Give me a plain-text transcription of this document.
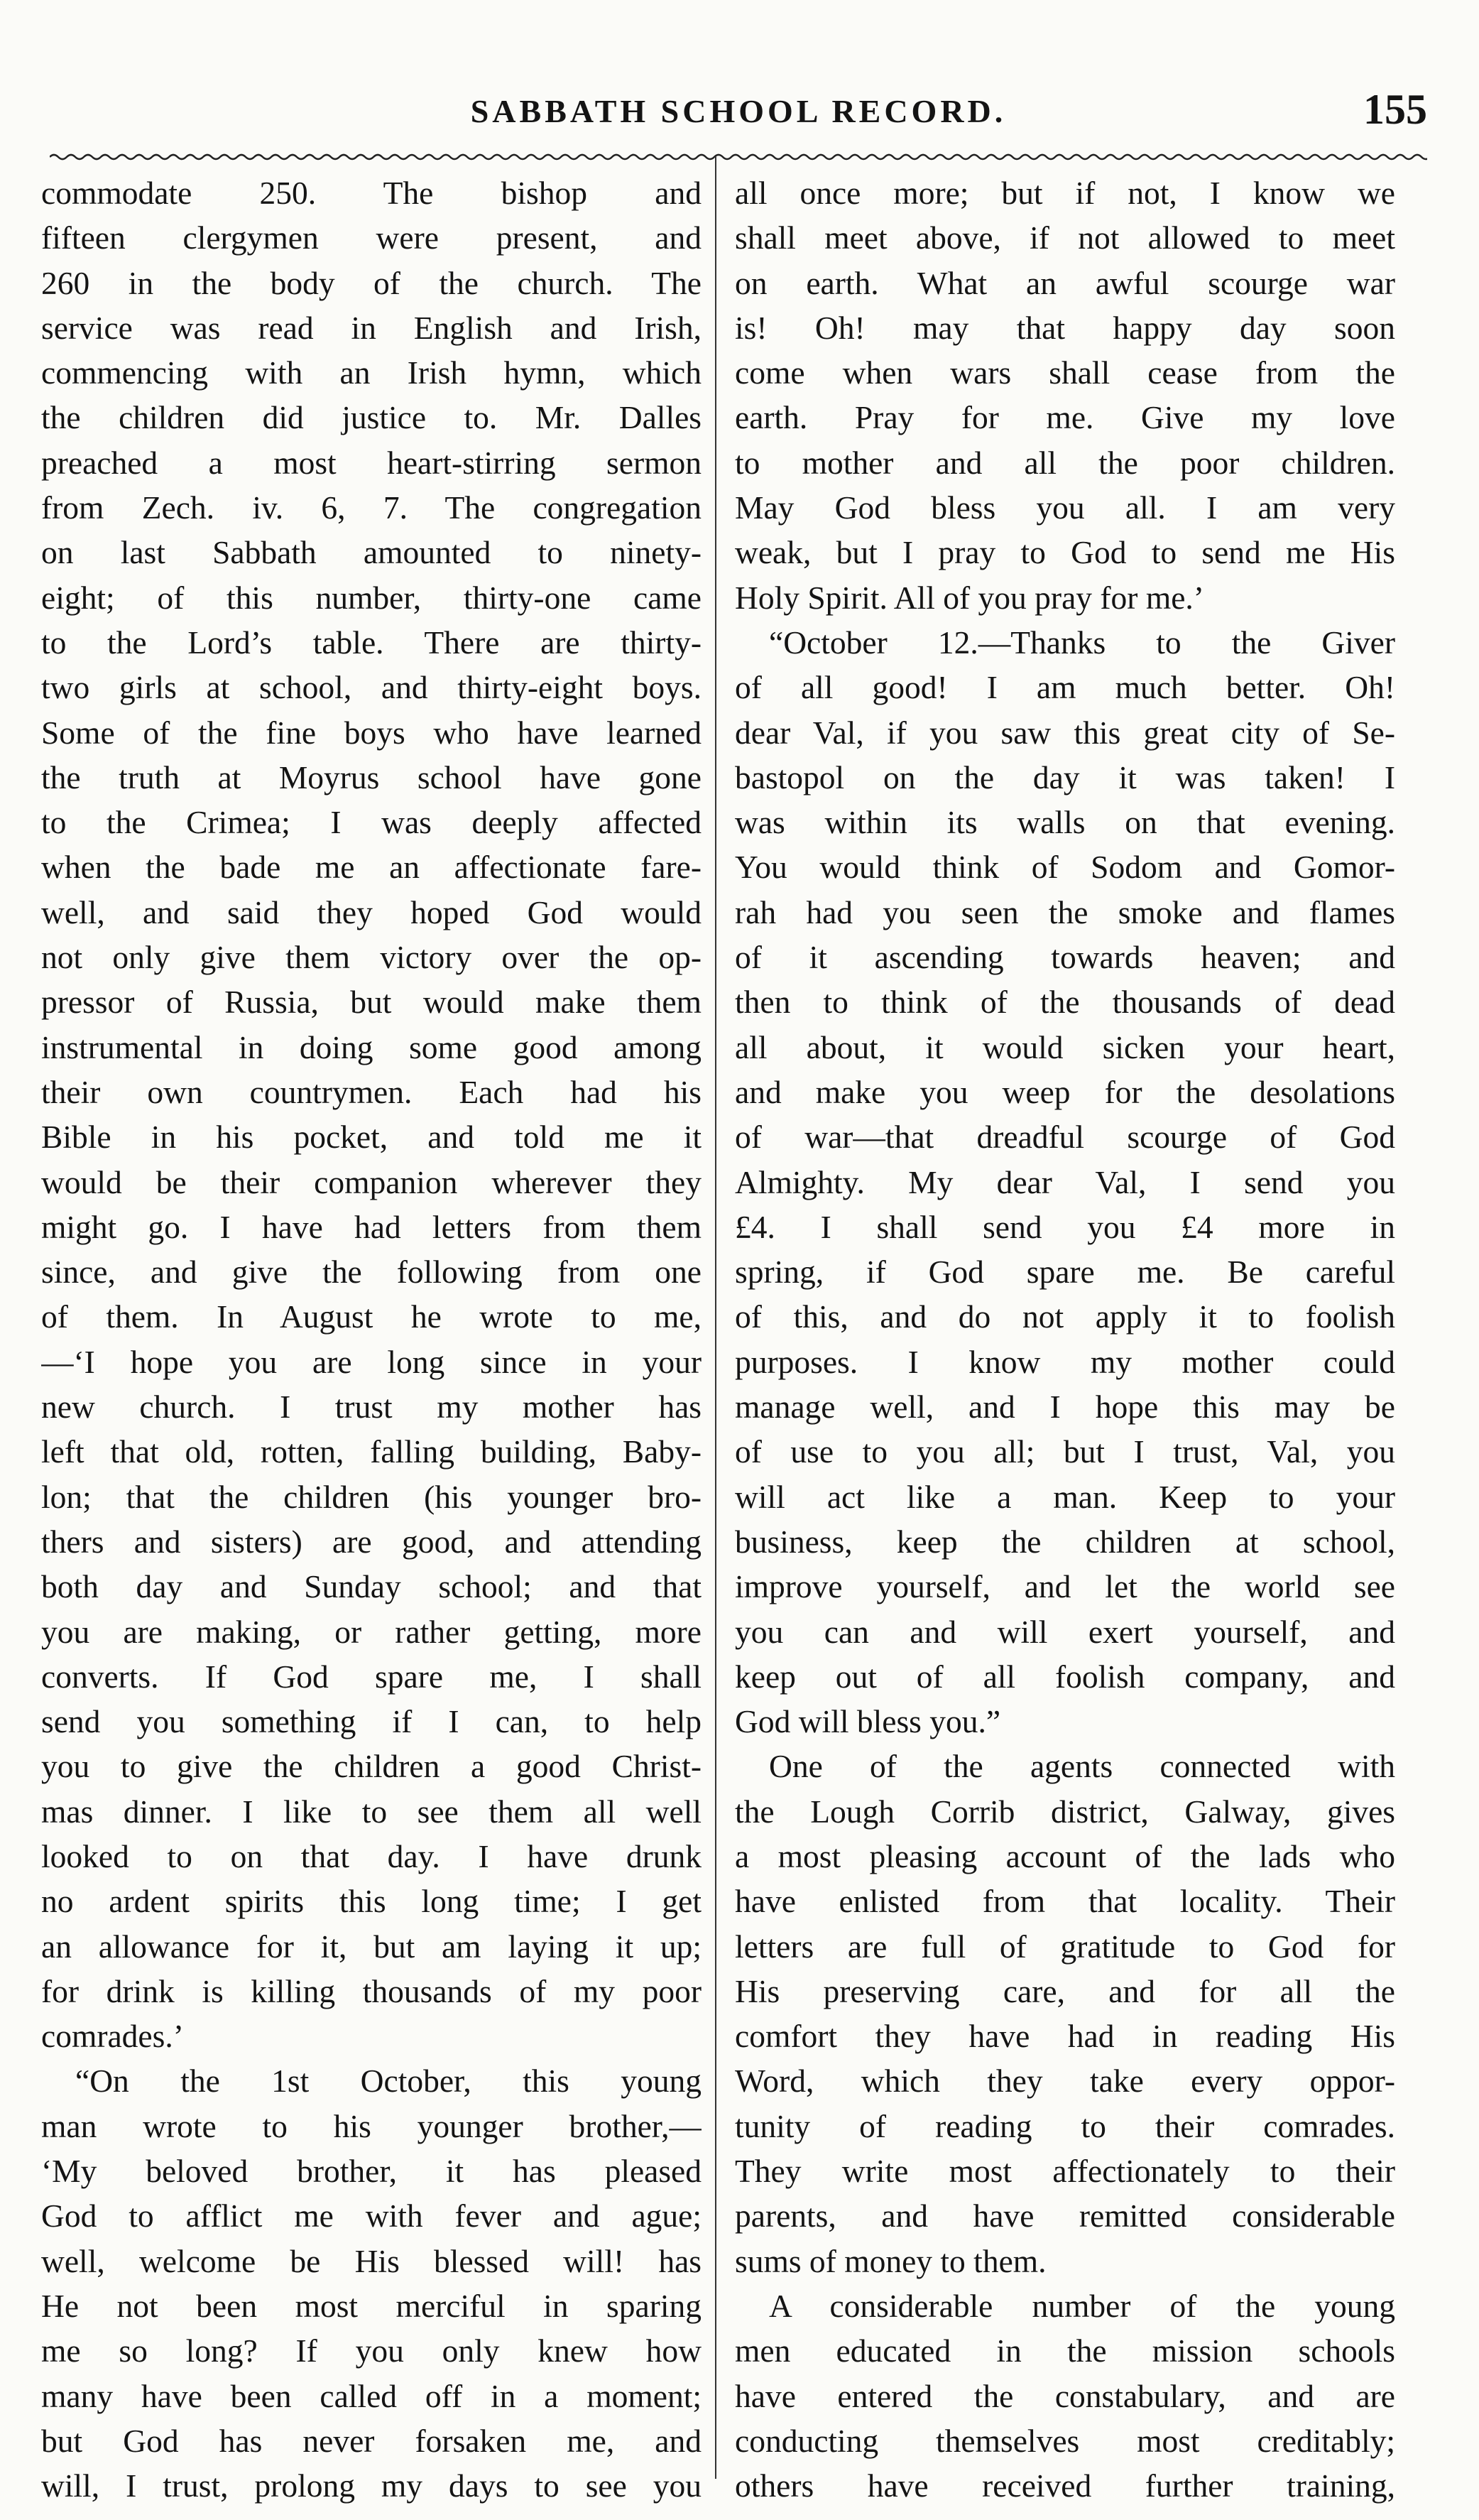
SABBATH SCHOOL RECORD.	155
commodate 250. The bishop and
fifteen clergymen were present, and
260 in the body of the church. The
service was read in English and Irish,
commencing with an Irish hymn, which
the children did justice to. Mr. Dalles
preached a most heart-stirring sermon
from Zech. iv. 6, 7. The congregation
on last Sabbath amounted to ninety-
eight; of this number, thirty-one came
to the Lord’s table. There are thirty-
two girls at school, and thirty-eight boys.
Some of the fine boys who have learned
the truth at Moyrus school have gone
to the Crimea; I was deeply affected
when the bade me an affectionate fare-
well, and said they hoped God would
not only give them victory over the op-
pressor of Russia, but would make them
instrumental in doing some good among
their own countrymen. Each had his
Bible in his pocket, and told me it
would be their companion wherever they
might go. I have had letters from them
since, and give the following from one
of them. In August he wrote to me,
—‘I hope you are long since in your
new church. I trust my mother has
left that old, rotten, falling building, Baby-
lon; that the children (his younger bro-
thers and sisters) are good, and attending
both day and Sunday school; and that
you are making, or rather getting, more
converts. If God spare me, I shall
send you something if I can, to help
you to give the children a good Christ-
mas dinner. I like to see them all well
looked to on that day. I have drunk
no ardent spirits this long time; I get
an allowance for it, but am laying it up;
for drink is killing thousands of my poor
comrades.’
“On the 1st October, this young
man wrote to his younger brother,—
‘My beloved brother, it has pleased
God to afflict me with fever and ague;
well, welcome be His blessed will! has
He not been most merciful in sparing
me so long? If you only knew how
many have been called off in a moment;
but God has never forsaken me, and
will, I trust, prolong my days to see you
all once more; but if not, I know we
shall meet above, if not allowed to meet
on earth. What an awful scourge war
is! Oh! may that happy day soon
come when wars shall cease from the
earth. Pray for me. Give my love
to mother and all the poor children.
May God bless you all. I am very
weak, but I pray to God to send me His
Holy Spirit. All of you pray for me.’
“October 12.—Thanks to the Giver
of all good! I am much better. Oh!
dear Val, if you saw this great city of Se-
bastopol on the day it was taken! I
was within its walls on that evening.
You would think of Sodom and Gomor-
rah had you seen the smoke and flames
of it ascending towards heaven; and
then to think of the thousands of dead
all about, it would sicken your heart,
and make you weep for the desolations
of war—that dreadful scourge of God
Almighty. My dear Val, I send you
£4. I shall send you £4 more in
spring, if God spare me. Be careful
of this, and do not apply it to foolish
purposes. I know my mother could
manage well, and I hope this may be
of use to you all; but I trust, Val, you
will act like a man. Keep to your
business, keep the children at school,
improve yourself, and let the world see
you can and will exert yourself, and
keep out of all foolish company, and
God will bless you.”
One of the agents connected with
the Lough Corrib district, Galway, gives
a most pleasing account of the lads who
have enlisted from that locality. Their
letters are full of gratitude to God for
His preserving care, and for all the
comfort they have had in reading His
Word, which they take every oppor-
tunity of reading to their comrades.
They write most affectionately to their
parents, and have remitted considerable
sums of money to them.
A considerable number of the young
men educated in the mission schools
have entered the constabulary, and are
conducting themselves most creditably;
others have received further training,
